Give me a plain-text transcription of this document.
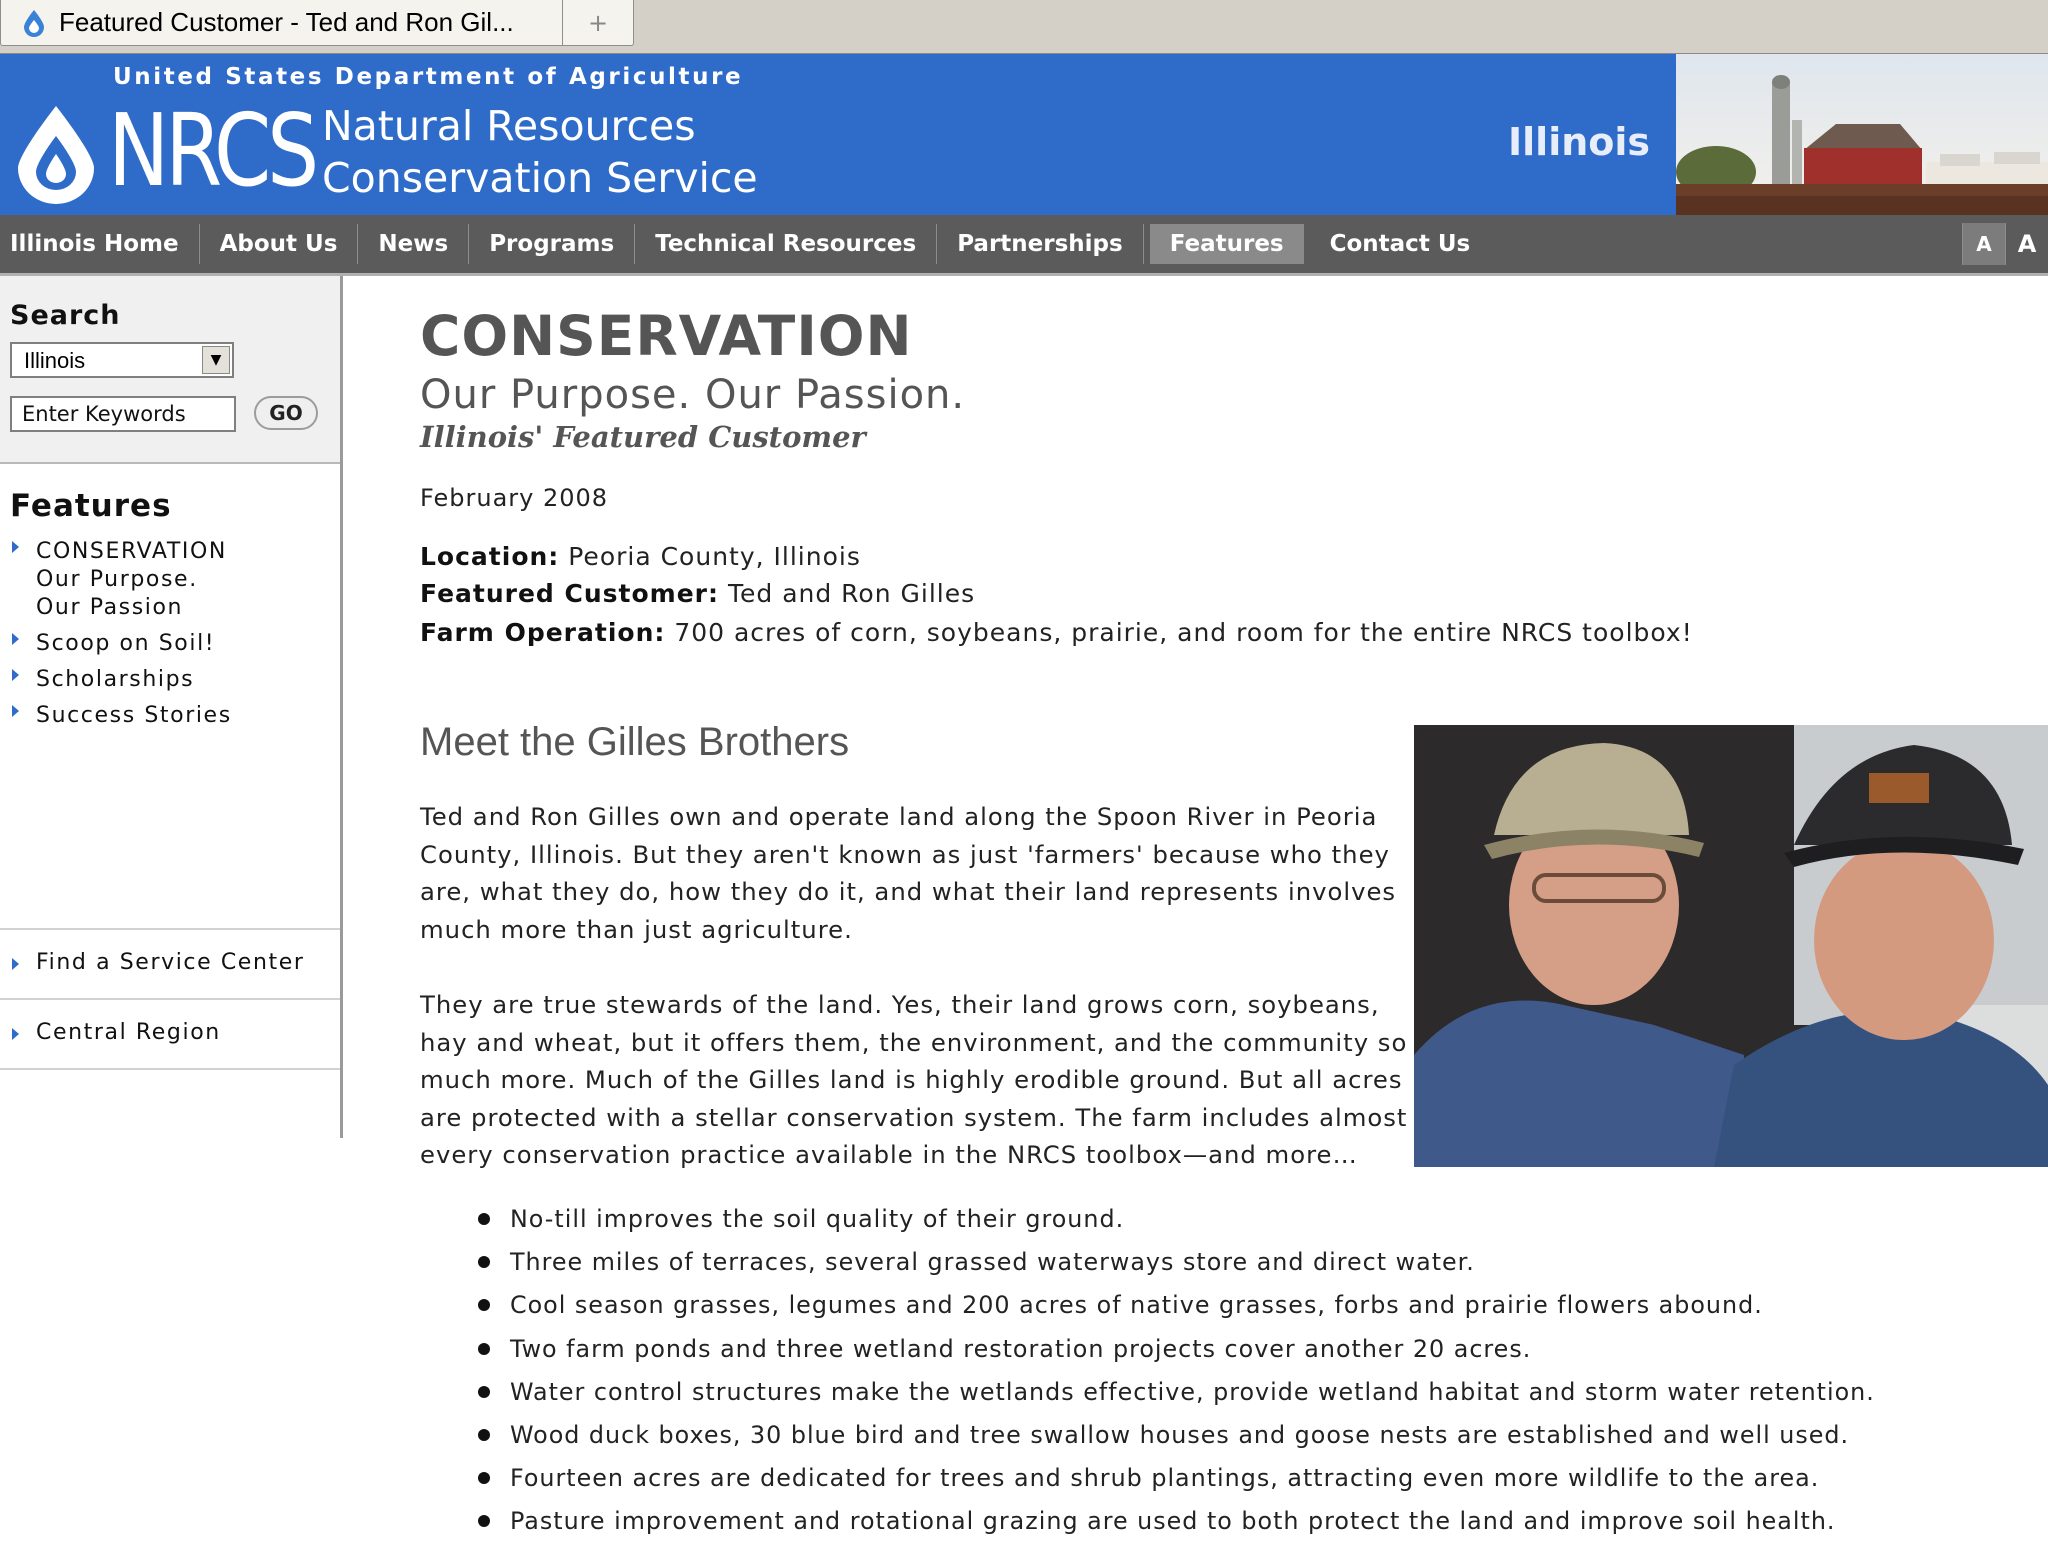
Featured Customer - Ted and Ron Gil...	+
United States Department of Agriculture
NRCS Natural Resources
Conservation Service
Illinois
Illinois Home	About Us	News	Programs	Technical Resources	Partnerships	Features	Contact Us	A	A
Search
Illinois	▼
Enter Keywords	GO
Features
CONSERVATION
Our Purpose.
Our Passion
Scoop on Soil!
Scholarships
Success Stories
Find a Service Center
Central Region
CONSERVATION
Our Purpose. Our Passion.
Illinois' Featured Customer
February 2008
Location: Peoria County, Illinois
Featured Customer: Ted and Ron Gilles
Farm Operation: 700 acres of corn, soybeans, prairie, and room for the entire NRCS toolbox!
Meet the Gilles Brothers
Ted and Ron Gilles own and operate land along the Spoon River in Peoria County, Illinois. But they aren't known as just 'farmers' because who they are, what they do, how they do it, and what their land represents involves much more than just agriculture.
They are true stewards of the land. Yes, their land grows corn, soybeans, hay and wheat, but it offers them, the environment, and the community so much more. Much of the Gilles land is highly erodible ground. But all acres are protected with a stellar conservation system. The farm includes almost every conservation practice available in the NRCS toolbox—and more…
No-till improves the soil quality of their ground.
Three miles of terraces, several grassed waterways store and direct water.
Cool season grasses, legumes and 200 acres of native grasses, forbs and prairie flowers abound.
Two farm ponds and three wetland restoration projects cover another 20 acres.
Water control structures make the wetlands effective, provide wetland habitat and storm water retention.
Wood duck boxes, 30 blue bird and tree swallow houses and goose nests are established and well used.
Fourteen acres are dedicated for trees and shrub plantings, attracting even more wildlife to the area.
Pasture improvement and rotational grazing are used to both protect the land and improve soil health.
